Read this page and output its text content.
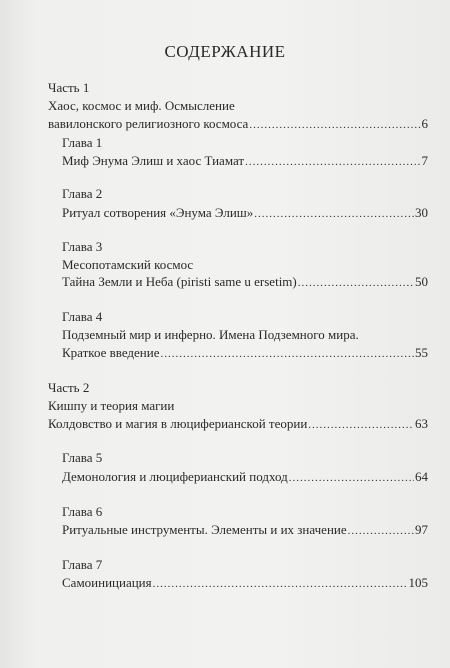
СОДЕРЖАНИЕ
Часть 1
Хаос, космос и миф. Осмысление
вавилонского религиозного космоса .....	6
Глава 1
Миф Энума Элиш и хаос Тиамат .....	7
Глава 2
Ритуал сотворения «Энума Элиш» .....	30
Глава 3
Месопотамский космос
Тайна Земли и Неба (piristi same u ersetim) .....	50
Глава 4
Подземный мир и инферно. Имена Подземного мира.
Краткое введение .....	55
Часть 2
Кишпу и теория магии
Колдовство и магия в люциферианской теории .....	63
Глава 5
Демонология и люциферианский подход .....	64
Глава 6
Ритуальные инструменты. Элементы и их значение .....	97
Глава 7
Самоинициация .....	105
